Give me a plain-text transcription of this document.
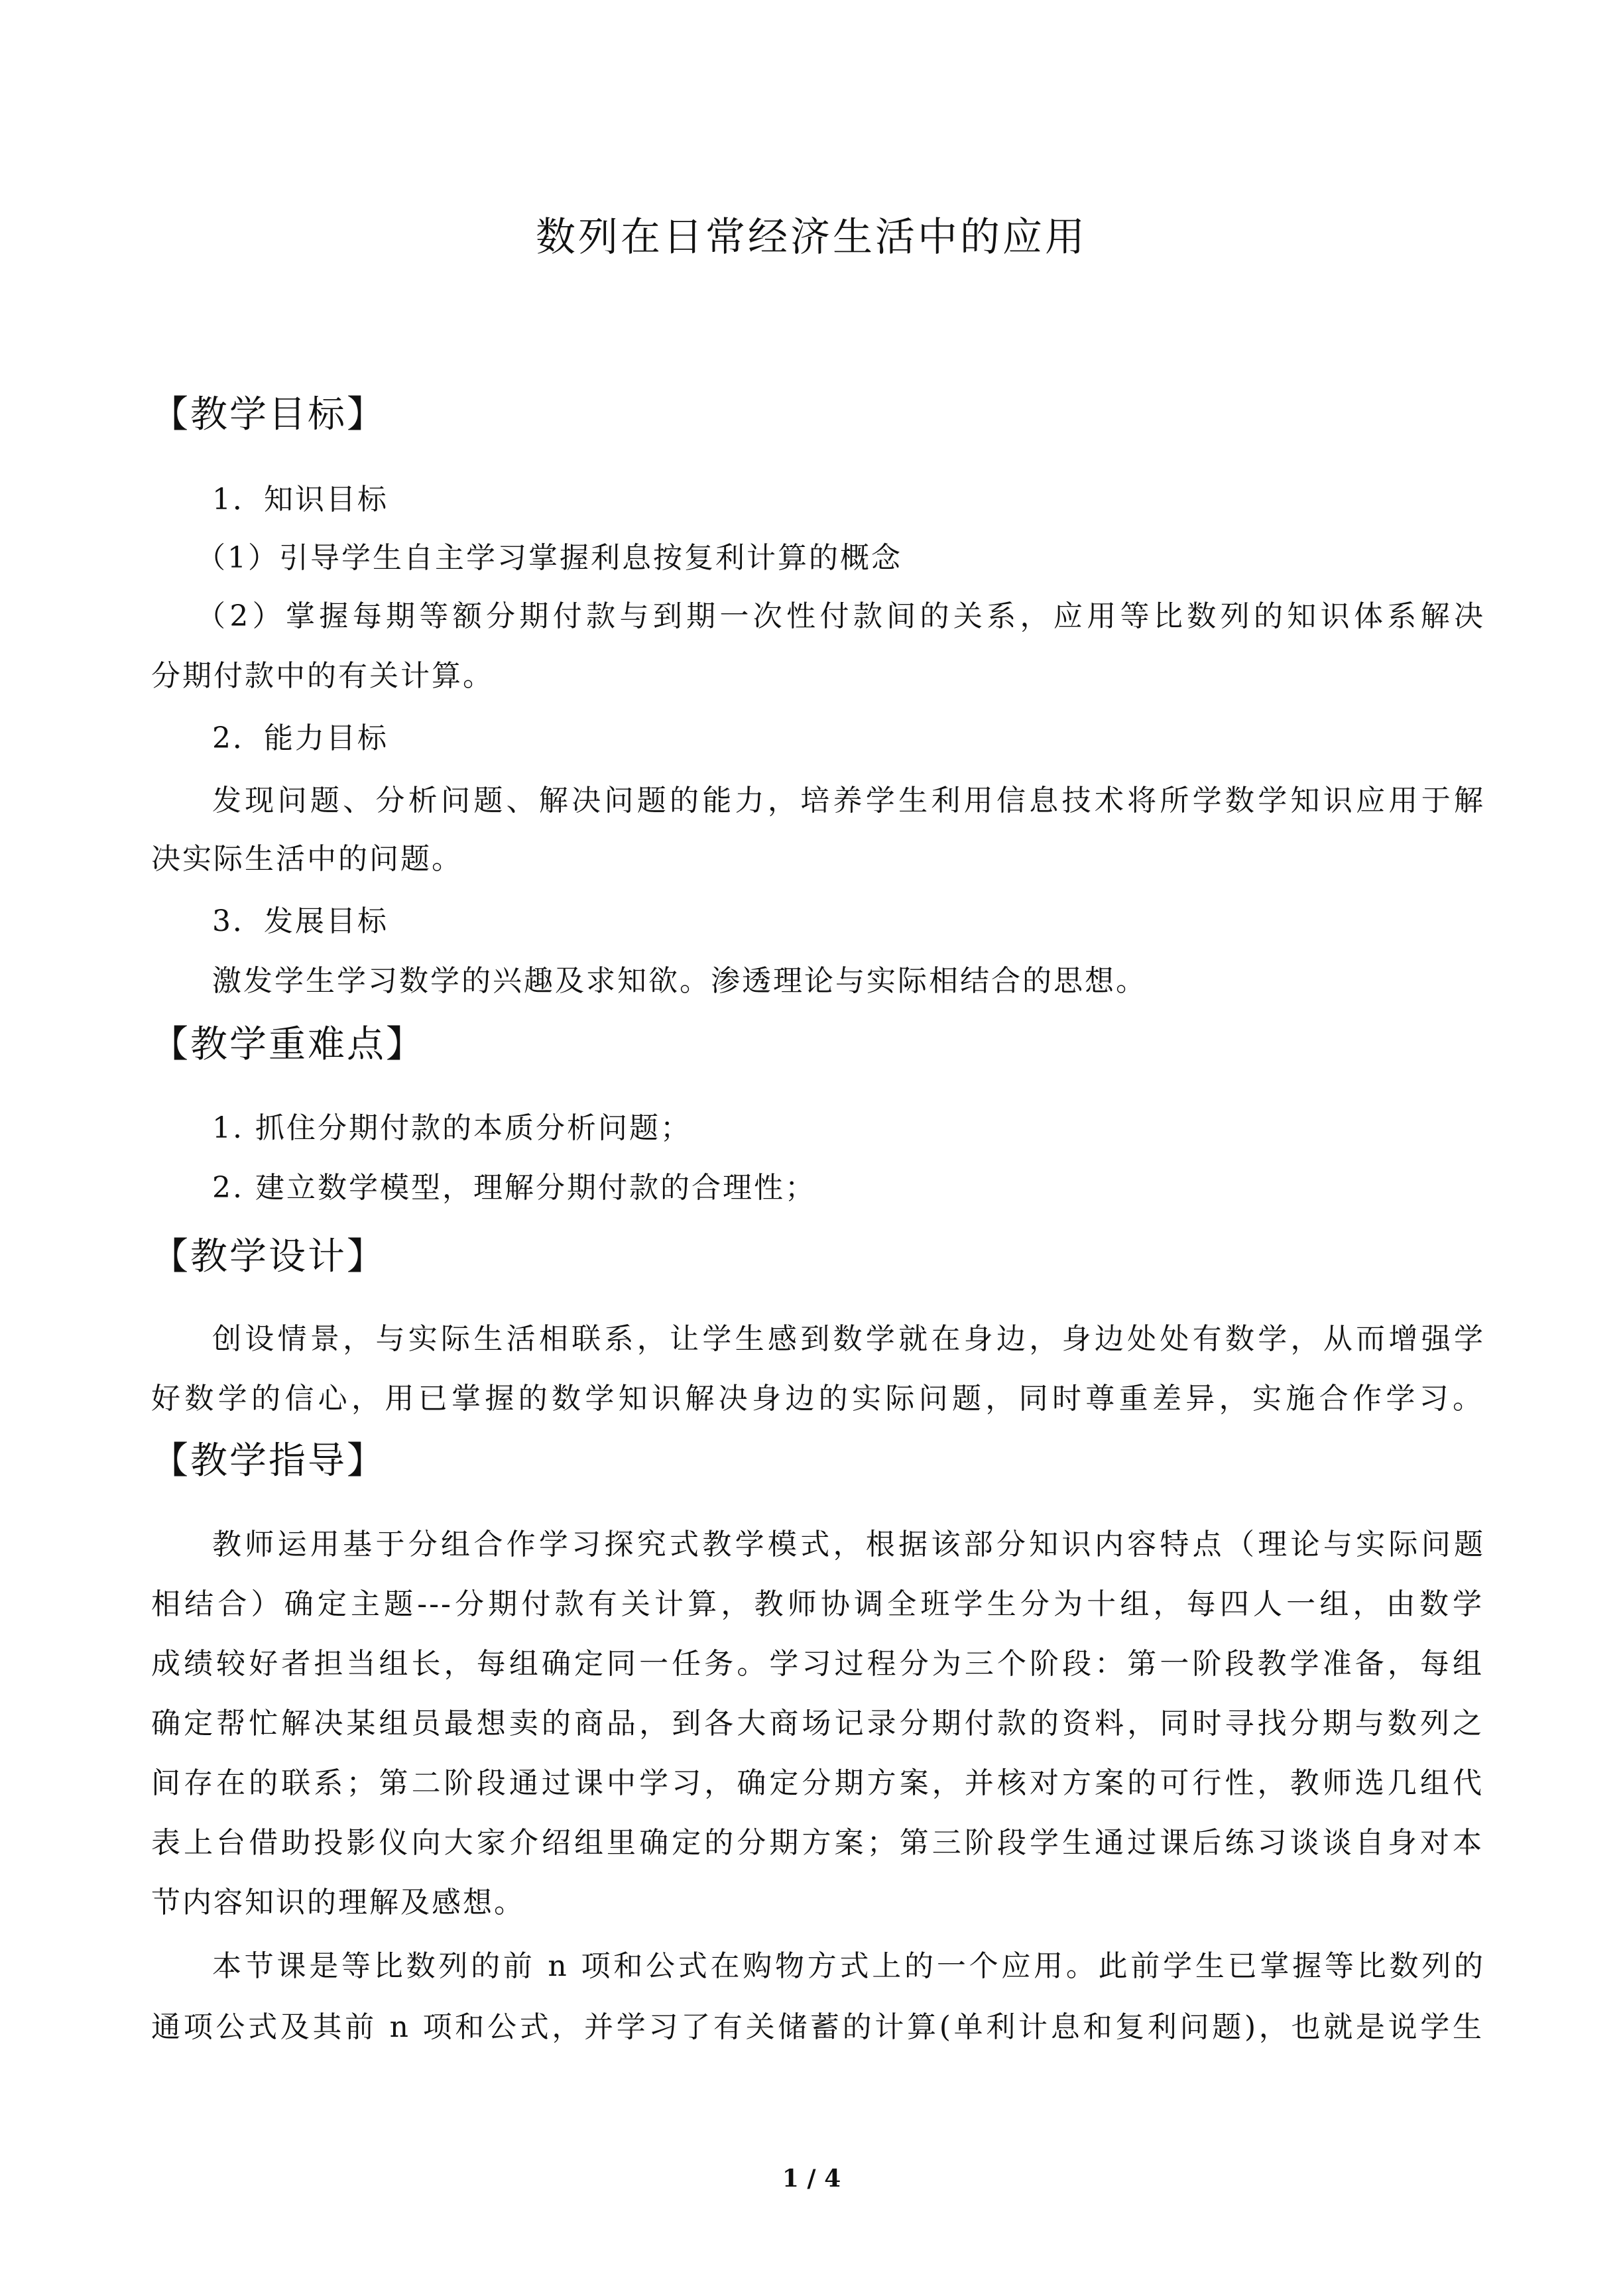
数列在日常经济生活中的应用
【教学目标】
1．知识目标
（1）引导学生自主学习掌握利息按复利计算的概念
（2）掌握每期等额分期付款与到期一次性付款间的关系，应用等比数列的知识体系解决
分期付款中的有关计算。
2．能力目标
发现问题、分析问题、解决问题的能力，培养学生利用信息技术将所学数学知识应用于解
决实际生活中的问题。
3．发展目标
激发学生学习数学的兴趣及求知欲。渗透理论与实际相结合的思想。
【教学重难点】
1. 抓住分期付款的本质分析问题；
2. 建立数学模型，理解分期付款的合理性；
【教学设计】
创设情景，与实际生活相联系，让学生感到数学就在身边，身边处处有数学，从而增强学
好数学的信心，用已掌握的数学知识解决身边的实际问题，同时尊重差异，实施合作学习。
【教学指导】
教师运用基于分组合作学习探究式教学模式，根据该部分知识内容特点（理论与实际问题
相结合）确定主题---分期付款有关计算，教师协调全班学生分为十组，每四人一组，由数学
成绩较好者担当组长，每组确定同一任务。学习过程分为三个阶段：第一阶段教学准备，每组
确定帮忙解决某组员最想卖的商品，到各大商场记录分期付款的资料，同时寻找分期与数列之
间存在的联系；第二阶段通过课中学习，确定分期方案，并核对方案的可行性，教师选几组代
表上台借助投影仪向大家介绍组里确定的分期方案；第三阶段学生通过课后练习谈谈自身对本
节内容知识的理解及感想。
本节课是等比数列的前 n 项和公式在购物方式上的一个应用。此前学生已掌握等比数列的
通项公式及其前 n 项和公式，并学习了有关储蓄的计算(单利计息和复利问题)，也就是说学生
1 / 4
